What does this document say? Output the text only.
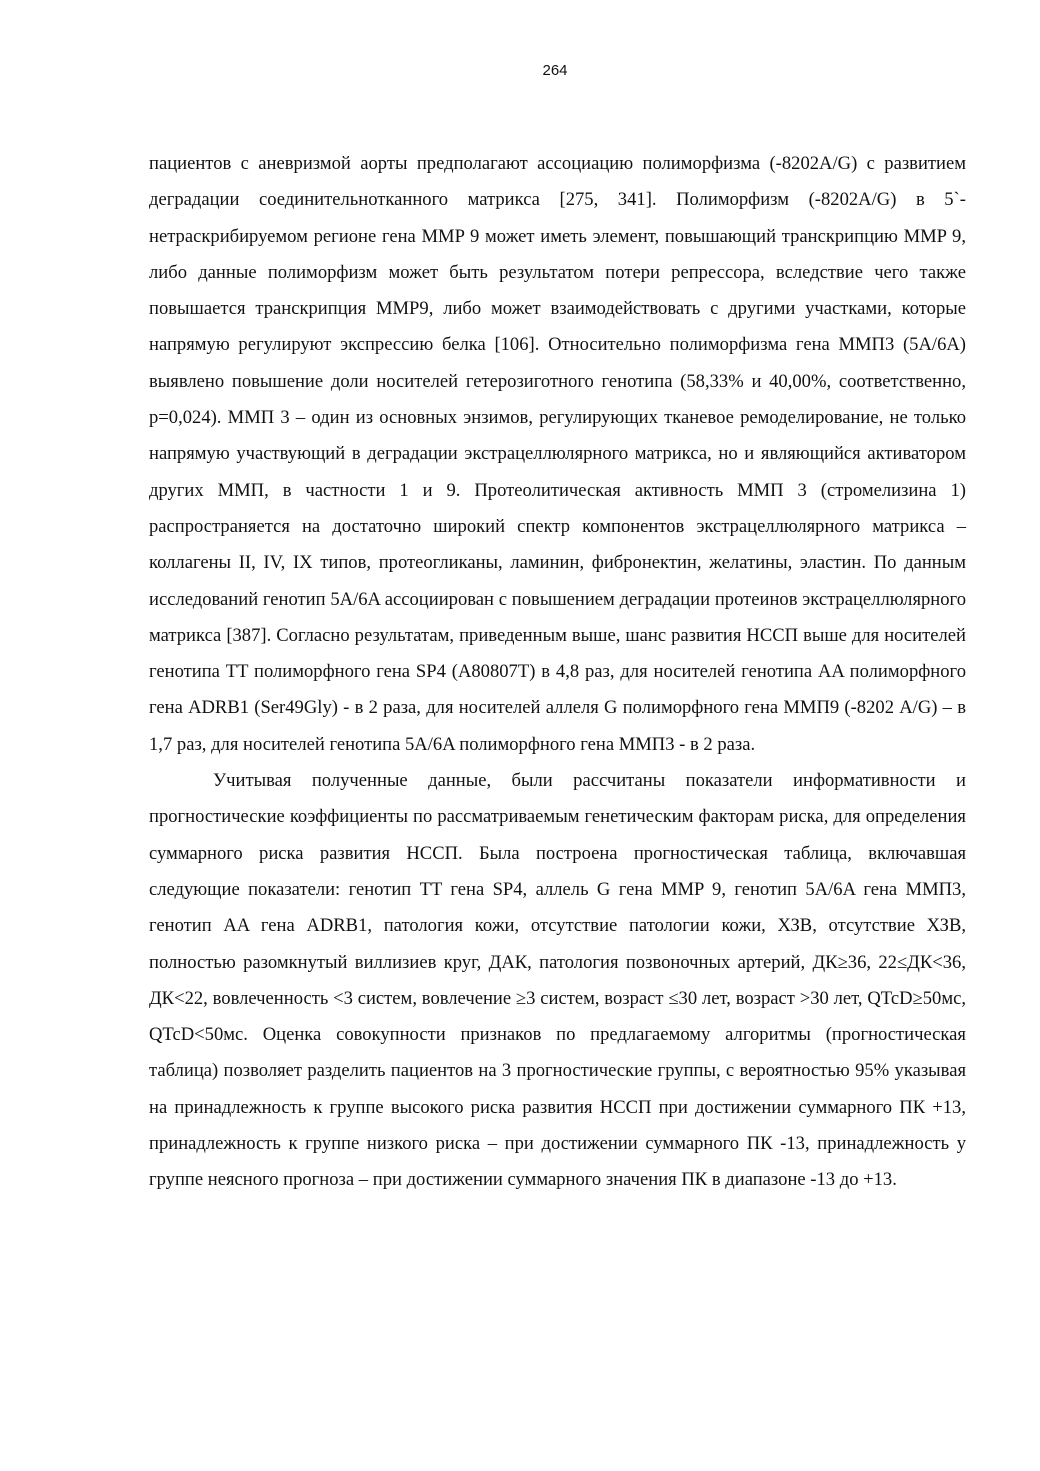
264

пациентов с аневризмой аорты предполагают ассоциацию полиморфизма (-8202A/G) с развитием деградации соединительнотканного матрикса [275, 341]. Полиморфизм (-8202A/G) в 5`-нетраскрибируемом регионе гена MMP 9 может иметь элемент, повышающий транскрипцию MMP 9, либо данные полиморфизм может быть результатом потери репрессора, вследствие чего также повышается транскрипция MMP9, либо может взаимодействовать с другими участками, которые напрямую регулируют экспрессию белка [106]. Относительно полиморфизма гена ММП3 (5A/6A) выявлено повышение доли носителей гетерозиготного генотипа (58,33% и 40,00%, соответственно, p=0,024). ММП 3 – один из основных энзимов, регулирующих тканевое ремоделирование, не только напрямую участвующий в деградации экстрацеллюлярного матрикса, но и являющийся активатором других ММП, в частности 1 и 9. Протеолитическая активность ММП 3 (стромелизина 1) распространяется на достаточно широкий спектр компонентов экстрацеллюлярного матрикса – коллагены II, IV, IX типов, протеогликаны, ламинин, фибронектин, желатины, эластин. По данным исследований генотип 5A/6A ассоциирован с повышением деградации протеинов экстрацеллюлярного матрикса [387]. Согласно результатам, приведенным выше, шанс развития НССП выше для носителей генотипа TT полиморфного гена SP4 (A80807T) в 4,8 раз, для носителей генотипа AA полиморфного гена ADRB1 (Ser49Gly) - в 2 раза, для носителей аллеля G полиморфного гена ММП9 (-8202 A/G) – в 1,7 раз, для носителей генотипа 5A/6A полиморфного гена ММП3 - в 2 раза.

Учитывая полученные данные, были рассчитаны показатели информативности и прогностические коэффициенты по рассматриваемым генетическим факторам риска, для определения суммарного риска развития НССП. Была построена прогностическая таблица, включавшая следующие показатели: генотип TT гена SP4, аллель G гена MMP 9, генотип 5A/6A гена ММП3, генотип AA гена ADRB1, патология кожи, отсутствие патологии кожи, ХЗВ, отсутствие ХЗВ, полностью разомкнутый виллизиев круг, ДАК, патология позвоночных артерий, ДК≥36, 22≤ДК<36, ДК<22, вовлеченность <3 систем, вовлечение ≥3 систем, возраст ≤30 лет, возраст >30 лет, QTcD≥50мс, QTcD<50мс. Оценка совокупности признаков по предлагаемому алгоритмы (прогностическая таблица) позволяет разделить пациентов на 3 прогностические группы, с вероятностью 95% указывая на принадлежность к группе высокого риска развития НССП при достижении суммарного ПК +13, принадлежность к группе низкого риска – при достижении суммарного ПК -13, принадлежность у группе неясного прогноза – при достижении суммарного значения ПК в диапазоне -13 до +13.
